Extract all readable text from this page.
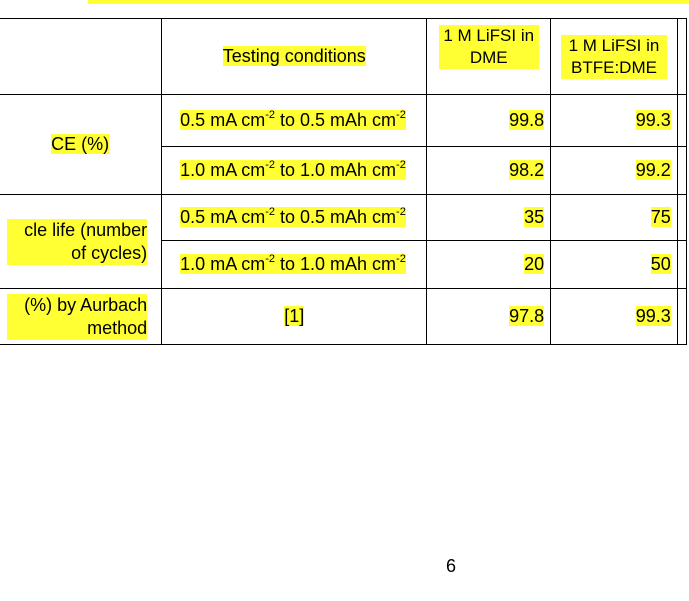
	Testing conditions	1 M LiFSI in DME	1 M LiFSI in BTFE:DME	
CE (%)	0.5 mA $cm^{-2}$ to 0.5 mAh $cm^{-2}$	99.8	99.3	
	1.0 mA $cm^{-2}$ to 1.0 mAh $cm^{-2}$	98.2	99.2	
cle life (number of cycles)	0.5 mA $cm^{-2}$ to 0.5 mAh $cm^{-2}$	35	75	
	1.0 mA $cm^{-2}$ to 1.0 mAh $cm^{-2}$	20	50	
(%) by Aurbach method	[1]	97.8	99.3	
6
